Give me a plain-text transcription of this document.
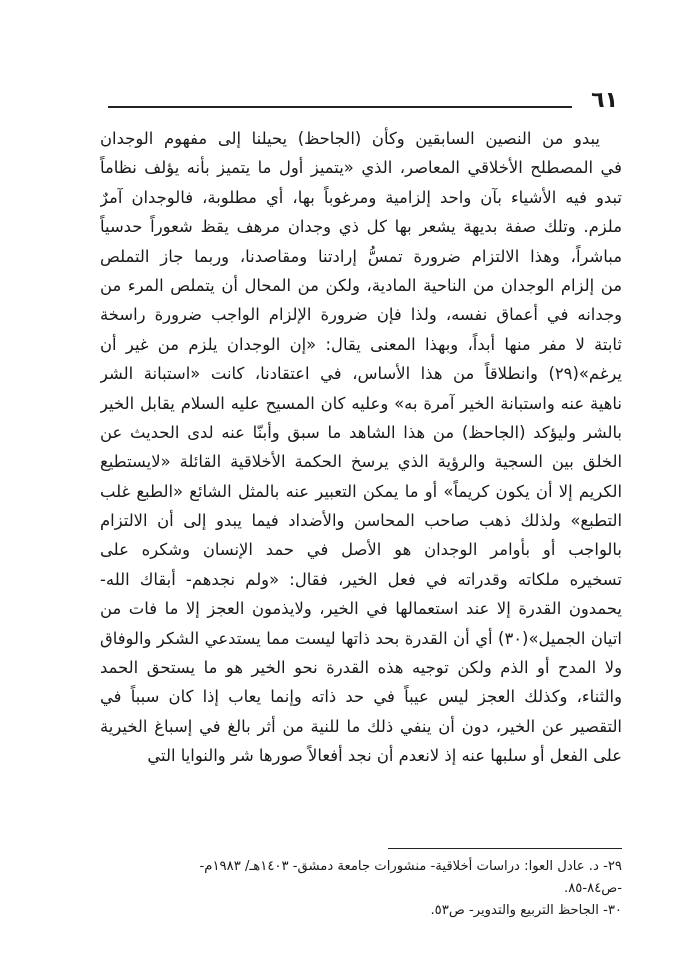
٦١
يبدو من النصين السابقين وكأن (الجاحظ) يحيلنا إلى مفهوم الوجدان
في المصطلح الأخلاقي المعاصر، الذي «يتميز أول ما يتميز بأنه يؤلف نظاماً
تبدو فيه الأشياء بآن واحد إلزامية ومرغوباً بها، أي مطلوبة، فالوجدان آمرٌ
ملزم. وتلك صفة بديهة يشعر بها كل ذي وجدان مرهف يقظ شعوراً حدسياً
مباشراً، وهذا الالتزام ضرورة تمسُّ إرادتنا ومقاصدنا، وربما جاز التملص
من إلزام الوجدان من الناحية المادية، ولكن من المحال أن يتملص المرء من
وجدانه في أعماق نفسه، ولذا فإن ضرورة الإلزام الواجب ضرورة راسخة
ثابتة لا مفر منها أبداً، وبهذا المعنى يقال: «إن الوجدان يلزم من غير أن
يرغم»(٢٩) وانطلاقاً من هذا الأساس، في اعتقادنا، كانت «استبانة الشر
ناهية عنه واستبانة الخير آمرة به» وعليه كان المسيح عليه السلام يقابل الخير
بالشر وليؤكد (الجاحظ) من هذا الشاهد ما سبق وأبنّا عنه لدى الحديث عن
الخلق بين السجية والرؤية الذي يرسخ الحكمة الأخلاقية القائلة «لايستطيع
الكريم إلا أن يكون كريماً» أو ما يمكن التعبير عنه بالمثل الشائع «الطبع غلب
التطبع» ولذلك ذهب صاحب المحاسن والأضداد فيما يبدو إلى أن الالتزام
بالواجب أو بأوامر الوجدان هو الأصل في حمد الإنسان وشكره على
تسخيره ملكاته وقدراته في فعل الخير، فقال: «ولم نجدهم- أبقاك الله-
يحمدون القدرة إلا عند استعمالها في الخير، ولايذمون العجز إلا ما فات من
اتيان الجميل»(٣٠) أي أن القدرة بحد ذاتها ليست مما يستدعي الشكر والوفاق
ولا المدح أو الذم ولكن توجيه هذه القدرة نحو الخير هو ما يستحق الحمد
والثناء، وكذلك العجز ليس عيباً في حد ذاته وإنما يعاب إذا كان سبباً في
التقصير عن الخير، دون أن ينفي ذلك ما للنية من أثر بالغ في إسباغ الخيرية
على الفعل أو سلبها عنه إذ لانعدم أن نجد أفعالاً صورها شر والنوايا التي
٢٩- د. عادل العوا: دراسات أخلاقية- منشورات جامعة دمشق- ١٤٠٣هـ/ ١٩٨٣م-
-ص٨٤-٨٥.
٣٠- الجاحظ التربيع والتدوير- ص٥٣.
